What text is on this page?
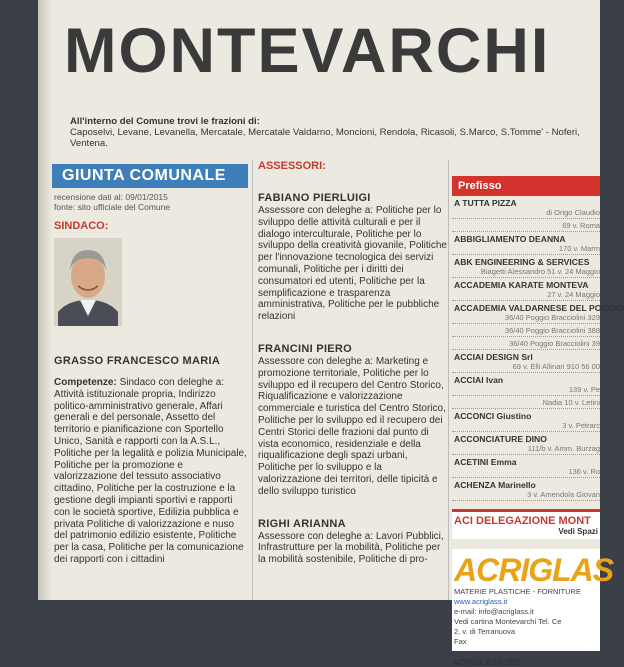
MONTEVARCHI
All'interno del Comune trovi le frazioni di:
Caposelvi, Levane, Levanella, Mercatale, Mercatale Valdarno, Moncioni, Rendola, Ricasoli, S.Marco, S.Tomme' - Noferi, Ventena.
GIUNTA COMUNALE
recensione dati al: 09/01/2015
fonte: sito ufficiale del Comune
SINDACO:
GRASSO FRANCESCO MARIA
Competenze: Sindaco con deleghe a: Attività istituzionale propria, Indirizzo politico-amministrativo generale, Affari generali e del personale, Assetto del territorio e pianificazione con Sportello Unico, Sanità e rapporti con la A.S.L., Politiche per la legalità e polizia Municipale, Politiche per la promozione e valorizzazione del tessuto associativo cittadino, Politiche per la costruzione e la gestione degli impianti sportivi e rapporti con le società sportive, Edilizia pubblica e privata Politiche di valorizzazione e nuso del patrimonio edilizio esistente, Politiche per la casa, Politiche per la comunicazione dei rapporti con i cittadini
ASSESSORI:
FABIANO PIERLUIGI
Assessore con deleghe a: Politiche per lo sviluppo delle attività culturali e per il dialogo interculturale, Politiche per lo sviluppo della creatività giovanile, Politiche per l'innovazione tecnologica dei servizi comunali, Politiche per i diritti dei consumatori ed utenti, Politiche per la semplificazione e trasparenza amministrativa, Politiche per le pubbliche relazioni
FRANCINI PIERO
Assessore con deleghe a: Marketing e promozione territoriale, Politiche per lo sviluppo ed il recupero del Centro Storico, Riqualificazione e valorizzazione commerciale e turistica del Centro Storico, Politiche per lo sviluppo ed il recupero dei Centri Storici delle frazioni dal punto di vista economico, residenziale e della riqualificazione degli spazi urbani, Politiche per lo sviluppo e la valorizzazione dei territori, delle tipicità e dello sviluppo turistico
RIGHI ARIANNA
Assessore con deleghe a: Lavori Pubblici, Infrastrutture per la mobilità, Politiche per la mobilità sostenibile, Politiche di pro-
Prefisso
A TUTTA PIZZA
di Origo Claudio
69 v. Roma
ABBIGLIAMENTO DEANNA
170 v. Marm
ABK ENGINEERING & SERVICES
Biagetti Alessandro 51 v. 24 Maggio
ACCADEMIA KARATE MONTEVA
27 v. 24 Maggio
ACCADEMIA VALDARNESE DEL POGGIO
36/40 Poggio Bracciolini 329
36/40 Poggio Bracciolini 388
36/40 Poggio Bracciolini 39
ACCIAI DESIGN Srl
69 v. Elli Allinari 910 56 00
ACCIAI Ivan
139 v. Pe
Nadia 10 v. Letini
ACCONCI Giustino
3 v. Petrarc
ACCONCIATURE DINO
111/b v. Amm. Burzag
ACETINI Emma
136 v. Ro
ACHENZA Marinello
3 v. Amendola Giovan
ACI DELEGAZIONE MONT
Vedi Spazi
ACRIGLAS
MATERIE PLASTICHE - FORNITURE
www.acriglass.it
e-mail: info@acriglass.it
Vedi cartina Montevarchi Tel. Ce
2, v. di Terranuova
Fax
ACRIGLASS SRL
